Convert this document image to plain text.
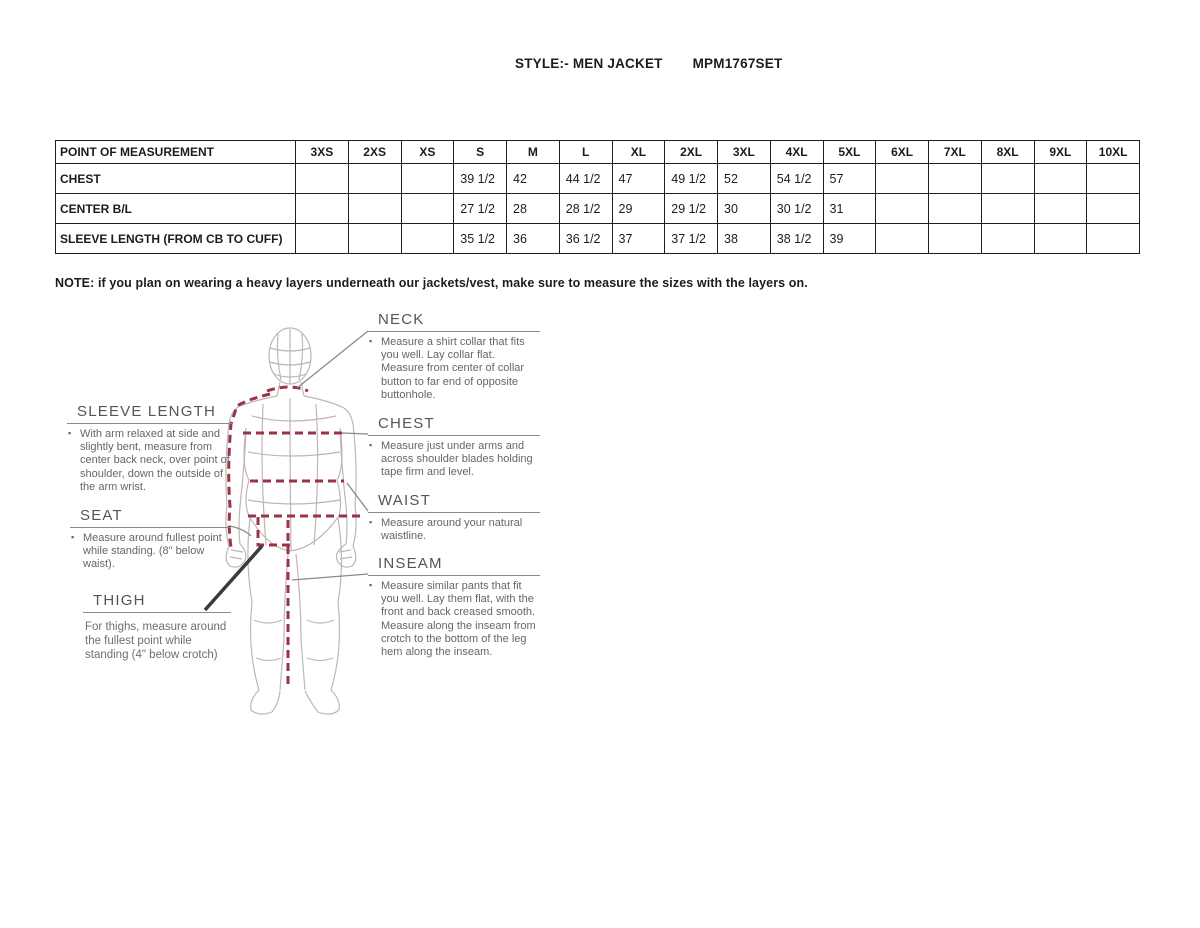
STYLE:- MEN JACKET MPM1767SET
POINT OF MEASUREMENT	3XS	2XS	XS	S	M	L	XL	2XL	3XL	4XL	5XL	6XL	7XL	8XL	9XL	10XL
CHEST				39 1/2	42	44 1/2	47	49 1/2	52	54 1/2	57					
CENTER B/L				27 1/2	28	28 1/2	29	29 1/2	30	30 1/2	31					
SLEEVE LENGTH (FROM CB TO CUFF)				35 1/2	36	36 1/2	37	37 1/2	38	38 1/2	39					
NOTE: if you plan on wearing a heavy layers underneath our jackets/vest, make sure to measure the sizes with the layers on.
NECK
▪ Measure a shirt collar that fits you well. Lay collar flat. Measure from center of collar button to far end of opposite buttonhole.
CHEST
▪ Measure just under arms and across shoulder blades holding tape firm and level.
WAIST
▪ Measure around your natural waistline.
INSEAM
▪ Measure similar pants that fit you well. Lay them flat, with the front and back creased smooth. Measure along the inseam from crotch to the bottom of the leg hem along the inseam.
SLEEVE LENGTH
▪ With arm relaxed at side and slightly bent, measure from center back neck, over point of shoulder, down the outside of the arm wrist.
SEAT
▪ Measure around fullest point while standing. (8" below waist).
THIGH
For thighs, measure around the fullest point while standing (4" below crotch)
